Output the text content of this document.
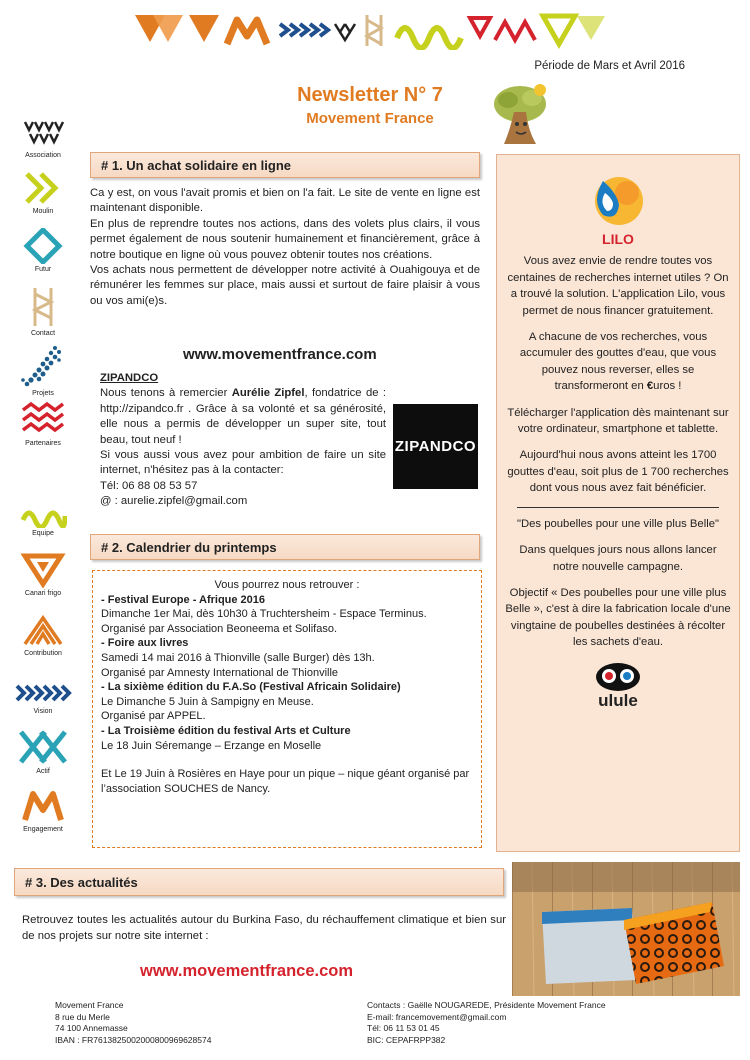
Période de Mars et Avril 2016
Newsletter N° 7
Movement France
Association
Moulin
Futur
Contact
Projets
Partenaires
Equipe
Canari frigo
Contribution
Vision
Actif
Engagement
# 1. Un achat solidaire en ligne

Ca y est, on vous l'avait promis et bien on l'a fait. Le site de vente en ligne est maintenant disponible.

En plus de reprendre toutes nos actions, dans des volets plus clairs, il vous permet également de nous soutenir humainement et financièrement, grâce à notre boutique en ligne où vous pouvez obtenir toutes nos créations.

Vos achats nous permettent de développer notre activité à Ouahigouya et de rémunérer les femmes sur place, mais aussi et surtout de faire plaisir à vous ou vos ami(e)s.

www.movementfrance.com

ZIPANDCO

Nous tenons à remercier Aurélie Zipfel, fondatrice de : http://zipandco.fr . Grâce à sa volonté et sa générosité, elle nous a permis de développer un super site, tout beau, tout neuf !

Si vous aussi vous avez pour ambition de faire un site internet, n'hésitez pas à la contacter:

Tél: 06 88 08 53 57

@ : aurelie.zipfel@gmail.com

ZIPANDCO
# 2. Calendrier du printemps
Vous pourrez nous retrouver :
- Festival Europe - Afrique 2016
Dimanche 1er Mai, dès 10h30 à Truchtersheim - Espace Terminus.
Organisé par Association Beoneema et Solifaso.
- Foire aux livres
Samedi 14 mai 2016 à Thionville (salle Burger) dès 13h.
Organisé par Amnesty International de Thionville
- La sixième édition du F.A.So (Festival Africain Solidaire)
Le Dimanche 5 Juin à Sampigny en Meuse.
Organisé par APPEL.
- La Troisième édition du festival Arts et Culture
Le 18 Juin Séremange – Erzange en Moselle
Et Le 19 Juin à Rosières en Haye pour un pique – nique géant organisé par l’association SOUCHES de Nancy.
LILO

Vous avez envie de rendre toutes vos centaines de recherches internet utiles ? On a trouvé la solution. L'application Lilo, vous permet de nous financer gratuitement.

A chacune de vos recherches, vous accumuler des gouttes d'eau, que vous pouvez nous reverser, elles se transformeront en €uros !

Télécharger l'application dès maintenant sur votre ordinateur, smartphone et tablette.

Aujourd'hui nous avons atteint les 1700 gouttes d'eau, soit plus de 1 700 recherches dont vous nous avez fait bénéficier.

"Des poubelles pour une ville plus Belle"

Dans quelques jours nous allons lancer notre nouvelle campagne.

Objectif « Des poubelles pour une ville plus Belle », c'est à dire la fabrication locale d'une vingtaine de poubelles destinées à récolter les sachets d'eau.

ulule
# 3. Des actualités
Retrouvez toutes les actualités autour du Burkina Faso, du réchauffement climatique et bien sur de nos projets sur notre site internet :
www.movementfrance.com
Movement France
8 rue du Merle
74 100 Annemasse
IBAN : FR7613825002000800969628574
Contacts : Gaëlle NOUGAREDE, Présidente Movement France
E-mail: francemovement@gmail.com
Tél: 06 11 53 01 45
BIC: CEPAFRPP382
